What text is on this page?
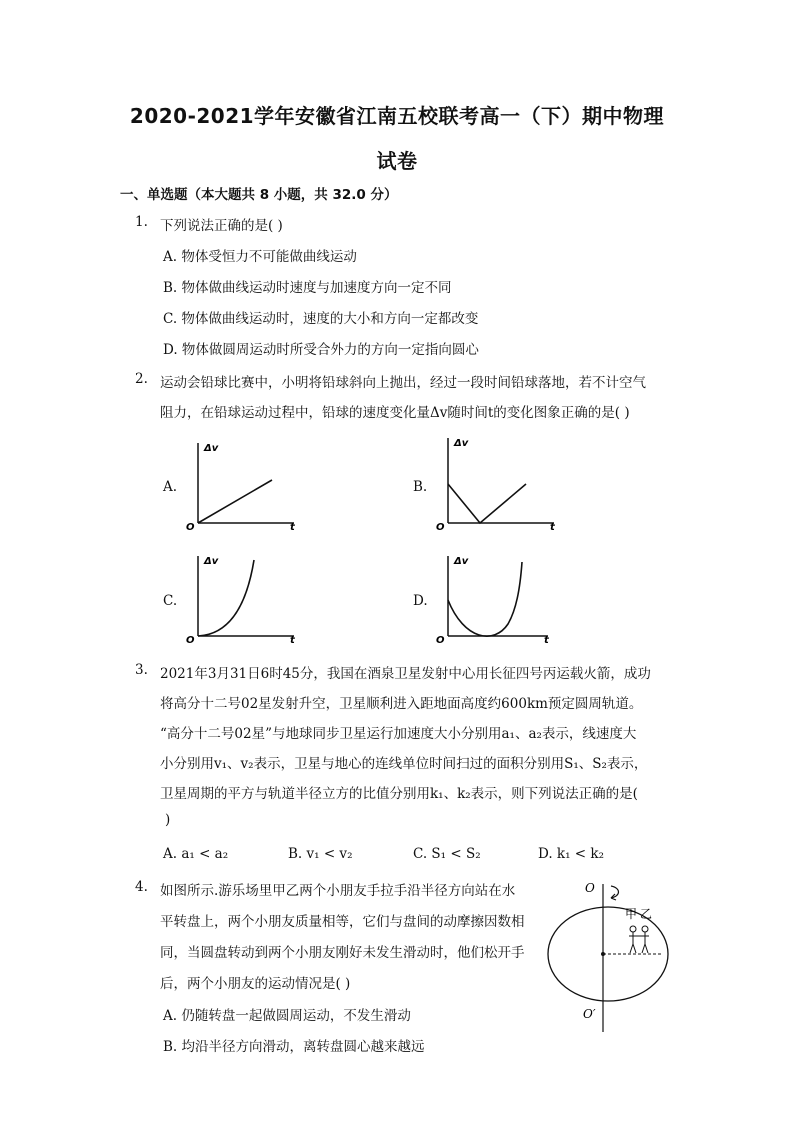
2020-2021学年安徽省江南五校联考高一（下）期中物理
试卷
一、单选题（本大题共 8 小题，共 32.0 分）
1. 下列说法正确的是( )
A. 物体受恒力不可能做曲线运动
B. 物体做曲线运动时速度与加速度方向一定不同
C. 物体做曲线运动时，速度的大小和方向一定都改变
D. 物体做圆周运动时所受合外力的方向一定指向圆心
2. 运动会铅球比赛中，小明将铅球斜向上抛出，经过一段时间铅球落地，若不计空气
阻力，在铅球运动过程中，铅球的速度变化量Δv随时间t的变化图象正确的是( )
A.	B.
C.	D.
Δv
O	t
Δv
O	t
Δv
O	t
Δv
O	t
3. 2021年3月31日6时45分，我国在酒泉卫星发射中心用长征四号丙运载火箭，成功
将高分十二号02星发射升空，卫星顺利进入距地面高度约600km预定圆周轨道。
“高分十二号02星”与地球同步卫星运行加速度大小分别用a₁、a₂表示，线速度大
小分别用v₁、v₂表示，卫星与地心的连线单位时间扫过的面积分别用S₁、S₂表示，
卫星周期的平方与轨道半径立方的比值分别用k₁、k₂表示，则下列说法正确的是(
)
A. a₁ < a₂	B. v₁ < v₂	C. S₁ < S₂	D. k₁ < k₂
4. 如图所示.游乐场里甲乙两个小朋友手拉手沿半径方向站在水
平转盘上，两个小朋友质量相等，它们与盘间的动摩擦因数相
同，当圆盘转动到两个小朋友刚好未发生滑动时，他们松开手
后，两个小朋友的运动情况是( )
A. 仍随转盘一起做圆周运动，不发生滑动
B. 均沿半径方向滑动，离转盘圆心越来越远
O
O′
甲 乙
